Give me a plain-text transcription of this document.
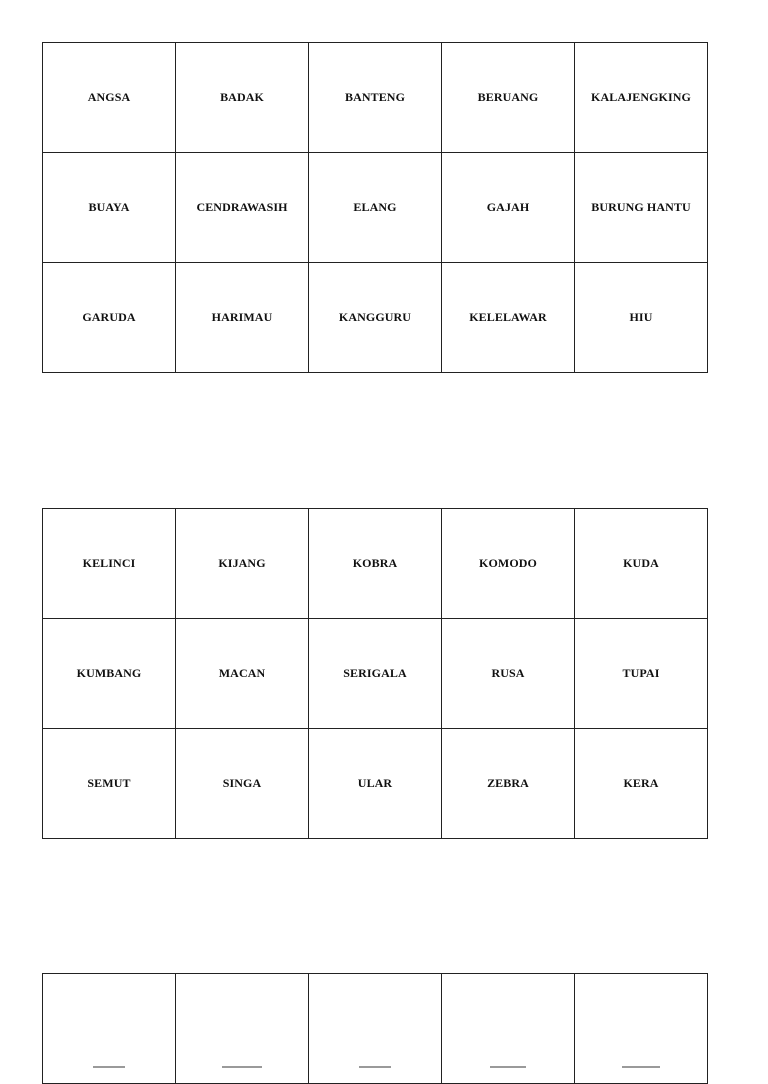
ANGSA	BADAK	BANTENG	BERUANG	KALAJENGKING
BUAYA	CENDRAWASIH	ELANG	GAJAH	BURUNG HANTU
GARUDA	HARIMAU	KANGGURU	KELELAWAR	HIU
KELINCI	KIJANG	KOBRA	KOMODO	KUDA
KUMBANG	MACAN	SERIGALA	RUSA	TUPAI
SEMUT	SINGA	ULAR	ZEBRA	KERA
